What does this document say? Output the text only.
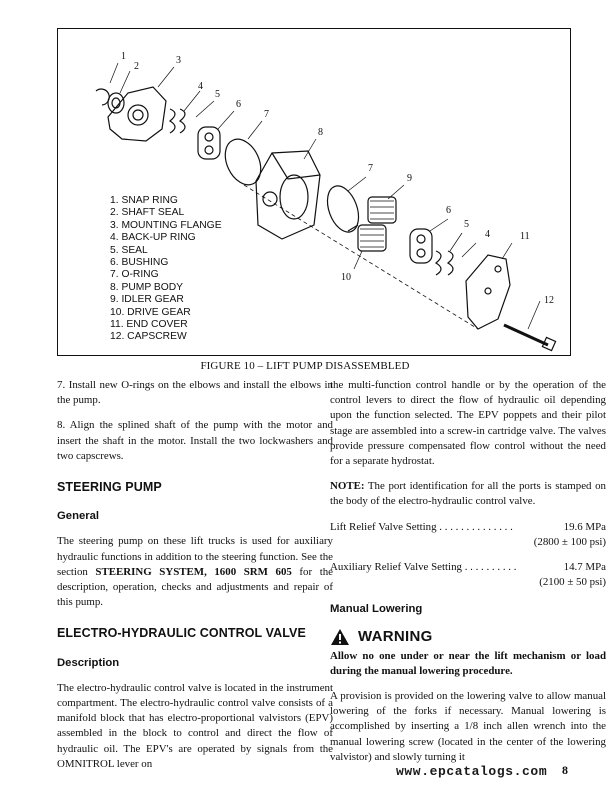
1
2
3
4
5
6
7
8
7
9
6
5
4	11
10
12
1. SNAP RING
2. SHAFT SEAL
3. MOUNTING FLANGE
4. BACK-UP RING
5. SEAL
6. BUSHING
7. O-RING
8. PUMP BODY
9. IDLER GEAR
10. DRIVE GEAR
11. END COVER
12. CAPSCREW
FIGURE 10 – LIFT PUMP DISASSEMBLED

7. Install new O-rings on the elbows and install the elbows in the pump.

8. Align the splined shaft of the pump with the motor and insert the shaft in the motor. Install the two lockwashers and two capscrews.

STEERING PUMP
General

The steering pump on these lift trucks is used for auxiliary hydraulic functions in addition to the steering function. See the section STEERING SYSTEM, 1600 SRM 605 for the description, operation, checks and adjustments and repair of this pump.

ELECTRO-HYDRAULIC CONTROL VALVE
Description

The electro-hydraulic control valve is located in the instrument compartment. The electro-hydraulic control valve consists of a manifold block that has electro-proportional valvistors (EPV) assembled in the block to control and direct the flow of hydraulic oil. The EPV's are operated by signals from the OMNITROL lever on

the multi-function control handle or by the operation of the control levers to direct the flow of hydraulic oil depending upon the function selected. The EPV poppets and their pilot stage are assembled into a screw-in cartridge valve. The valves provide pressure compensated flow control without the need for a separate hydrostat.

NOTE: The port identification for all the ports is stamped on the body of the electro-hydraulic control valve.

Lift Relief Valve Setting . . . . . . . . . . . . . .	19.6 MPa
(2800 ± 100 psi)
Auxiliary Relief Valve Setting . . . . . . . . . .	14.7 MPa
(2100 ± 50 psi)
Manual Lowering
WARNING

Allow no one under or near the lift mechanism or load during the manual lowering procedure.

A provision is provided on the lowering valve to allow manual lowering of the forks if necessary. Manual lowering is accomplished by inserting a 1/8 inch allen wrench into the manual lowering screw (located in the center of the lowering valvistor) and slowly turning it

www.epcatalogs.com 8
